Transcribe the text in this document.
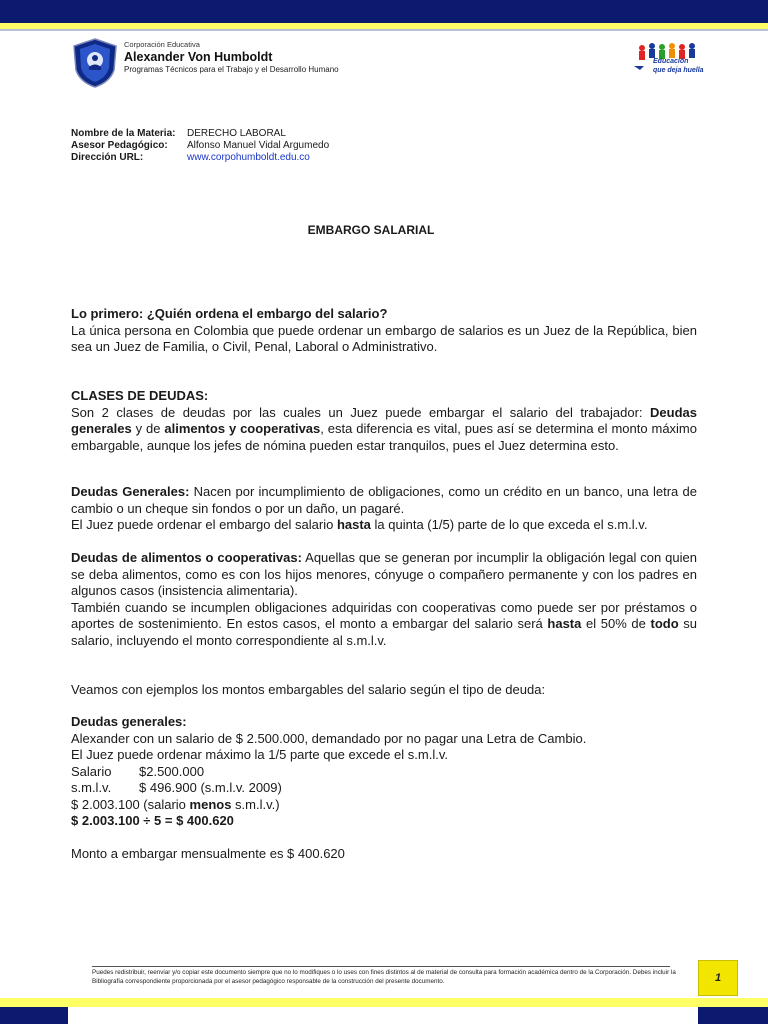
Corporación Educativa
Alexander Von Humboldt
Programas Técnicos para el Trabajo y el Desarrollo Humano
Educación
que deja huella
Nombre de la Materia:	DERECHO LABORAL
Asesor Pedagógico:	Alfonso Manuel Vidal Argumedo
Dirección URL:	www.corpohumboldt.edu.co
EMBARGO SALARIAL

Lo primero: ¿Quién ordena el embargo del salario?

La única persona en Colombia que puede ordenar un embargo de salarios es un Juez de la República, bien sea un Juez de Familia, o Civil, Penal, Laboral o Administrativo.

CLASES DE DEUDAS:

Son 2 clases de deudas por las cuales un Juez puede embargar el salario del trabajador: Deudas generales y de alimentos y cooperativas, esta diferencia es vital, pues así se determina el monto máximo embargable, aunque los jefes de nómina pueden estar tranquilos, pues el Juez determina esto.

Deudas Generales: Nacen por incumplimiento de obligaciones, como un crédito en un banco, una letra de cambio o un cheque sin fondos o por un daño, un pagaré.

El Juez puede ordenar el embargo del salario hasta la quinta (1/5) parte de lo que exceda el s.m.l.v.

Deudas de alimentos o cooperativas: Aquellas que se generan por incumplir la obligación legal con quien se deba alimentos, como es con los hijos menores, cónyuge o compañero permanente y con los padres en algunos casos (insistencia alimentaria).

También cuando se incumplen obligaciones adquiridas con cooperativas como puede ser por préstamos o aportes de sostenimiento. En estos casos, el monto a embargar del salario será hasta el 50% de todo su salario, incluyendo el monto correspondiente al s.m.l.v.

Veamos con ejemplos los montos embargables del salario según el tipo de deuda:

Deudas generales:

Alexander con un salario de $ 2.500.000, demandado por no pagar una Letra de Cambio.

El Juez puede ordenar máximo la 1/5 parte que excede el s.m.l.v.

Salario $2.500.000

s.m.l.v. $ 496.900 (s.m.l.v. 2009)

$ 2.003.100 (salario menos s.m.l.v.)

$ 2.003.100 ÷ 5 = $ 400.620

Monto a embargar mensualmente es $ 400.620

Puedes redistribuir, reenviar y/o copiar este documento siempre que no lo modifiques o lo uses con fines distintos al de material de consulta para formación académica dentro de la Corporación. Debes incluir la Bibliografía correspondiente proporcionada por el asesor pedagógico responsable de la construcción del presente documento.	1
